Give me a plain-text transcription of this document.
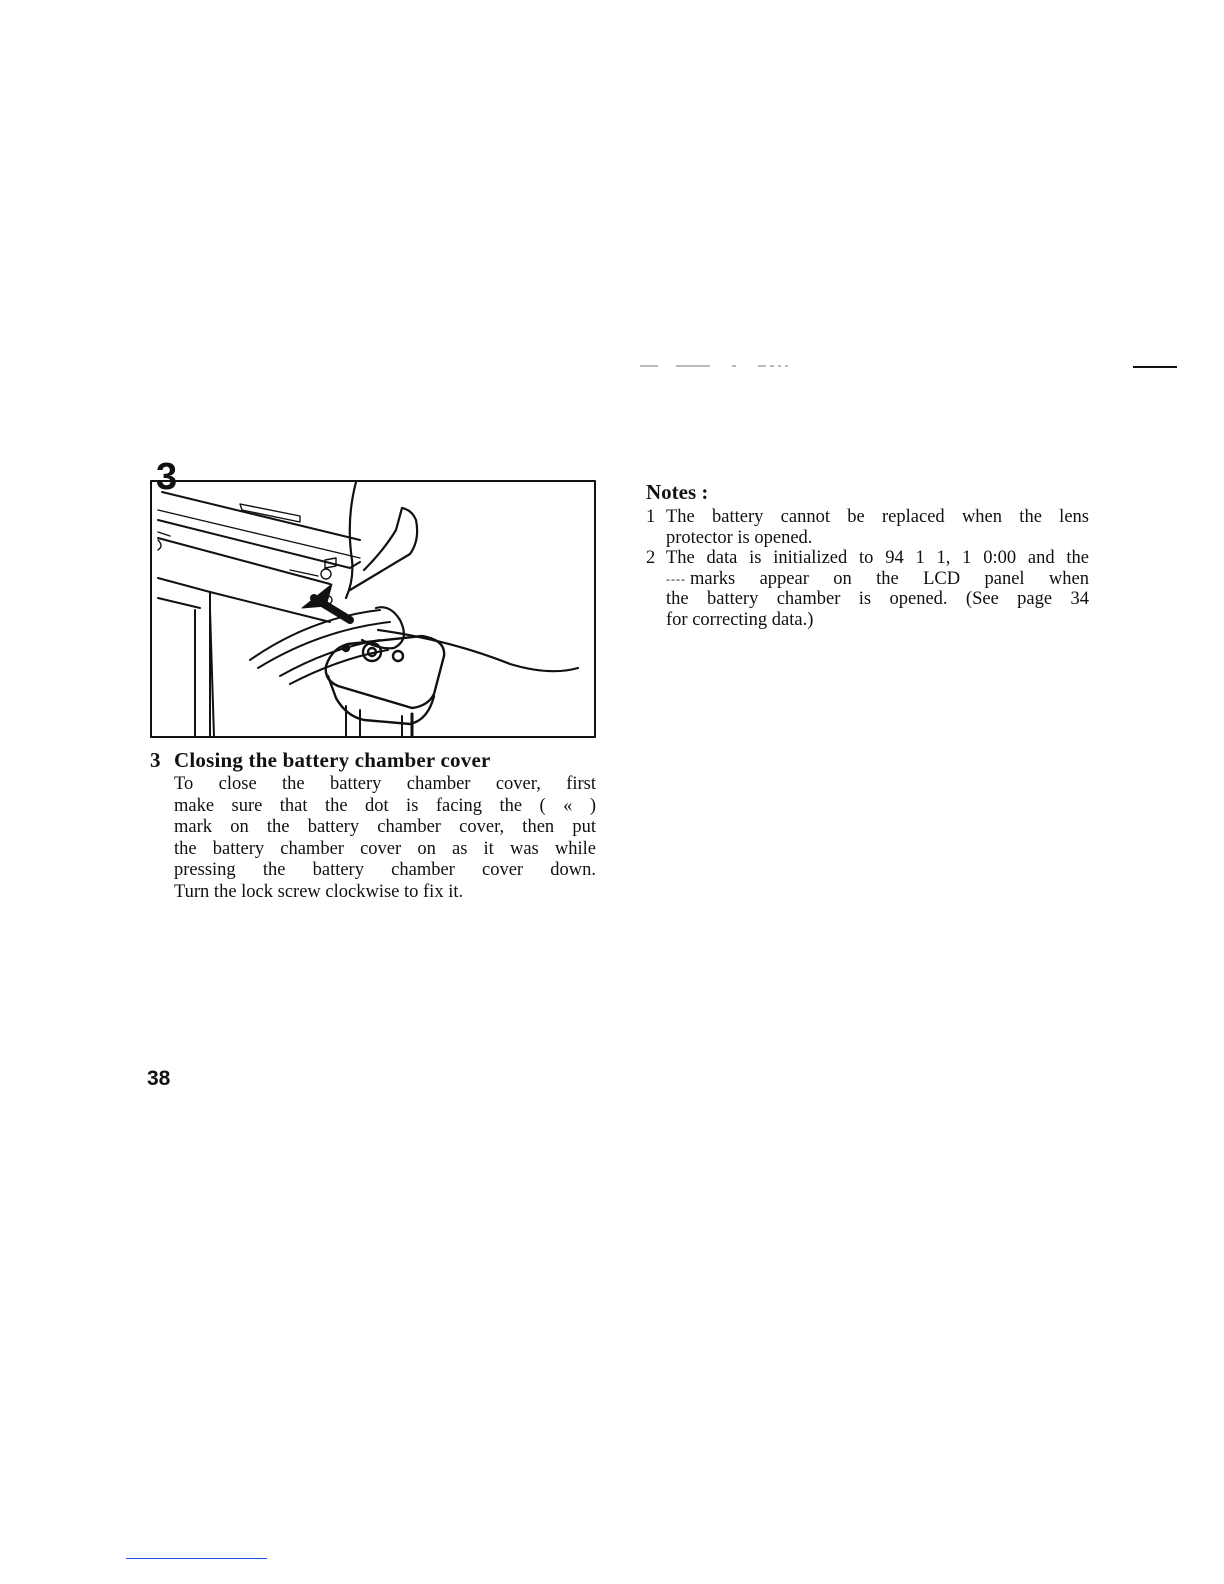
3
3 Closing the battery chamber cover
To close the battery chamber cover, first
make sure that the dot is facing the ( « )
mark on the battery chamber cover, then put
the battery chamber cover on as it was while
pressing the battery chamber cover down.
Turn the lock screw clockwise to fix it.
Notes :
1 The battery cannot be replaced when the lens
protector is opened.
2 The data is initialized to 94 1 1, 1 0:00 and the
---- marks appear on the LCD panel when
the battery chamber is opened. (See page 34
for correcting data.)
38
